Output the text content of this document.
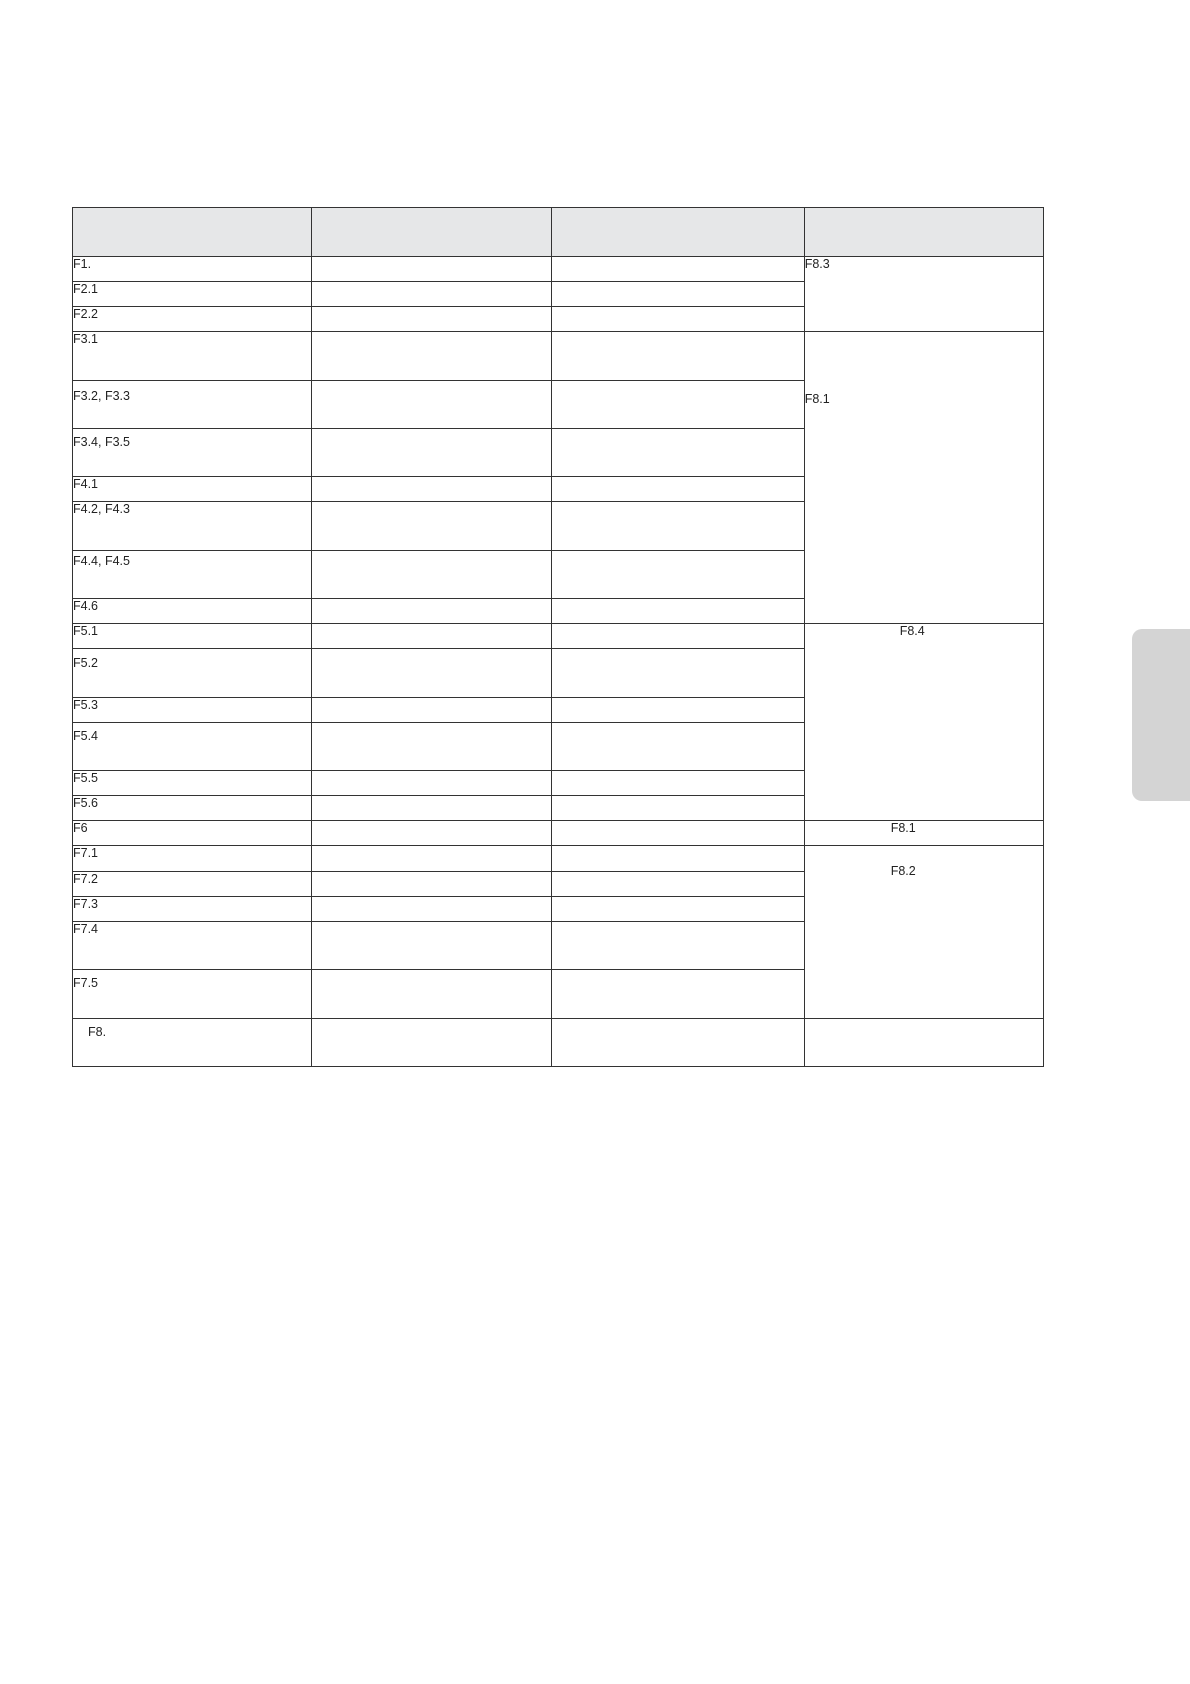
F1.			F8.3
F2.1			
F2.2			
F3.1			F8.1
F3.2, F3.3			
F3.4, F3.5			
F4.1			
F4.2, F4.3			
F4.4, F4.5			
F4.6			
F5.1			F8.4
F5.2			
F5.3			
F5.4			
F5.5			
F5.6			
F6			F8.1
F7.1			F8.2
F7.2			
F7.3			
F7.4			
F7.5			
F8.			
